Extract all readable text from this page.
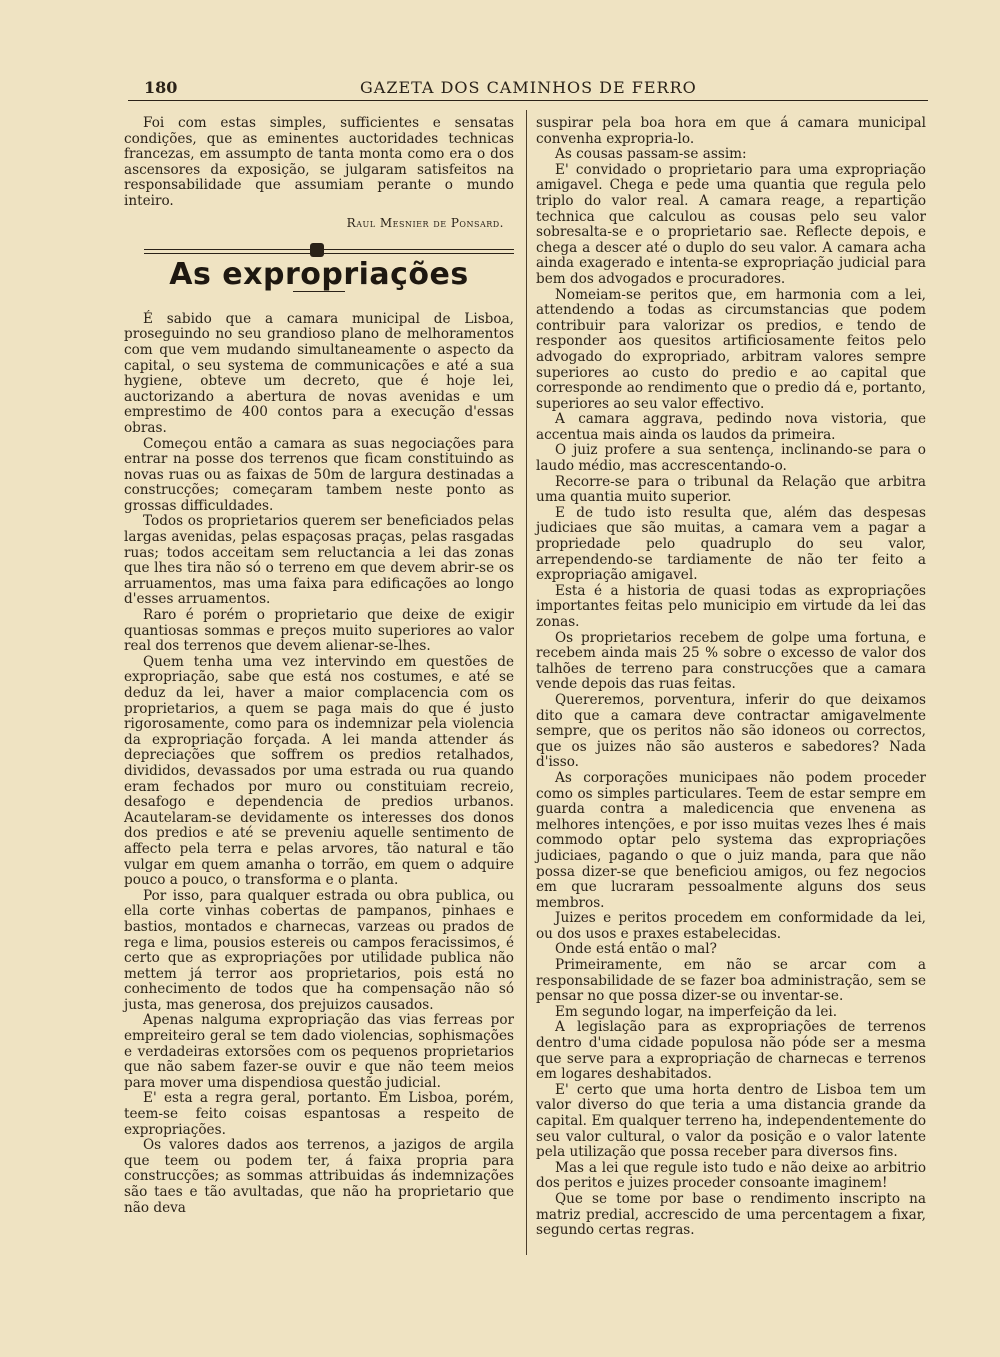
180	GAZETA DOS CAMINHOS DE FERRO

Foi com estas simples, sufficientes e sensatas condições, que as eminentes auctoridades technicas francezas, em assumpto de tanta monta como era o dos ascensores da exposição, se julgaram satisfeitos na responsabilidade que assumiam perante o mundo inteiro.

Raul Mesnier de Ponsard.
As expropriações

É sabido que a camara municipal de Lisboa, proseguindo no seu grandioso plano de melhoramentos com que vem mudando simultaneamente o aspecto da capital, o seu systema de communicações e até a sua hygiene, obteve um decreto, que é hoje lei, auctorizando a abertura de novas avenidas e um emprestimo de 400 contos para a execução d'essas obras.

Começou então a camara as suas negociações para entrar na posse dos terrenos que ficam constituindo as novas ruas ou as faixas de 50m de largura destinadas a construcções; começaram tambem neste ponto as grossas difficuldades.

Todos os proprietarios querem ser beneficiados pelas largas avenidas, pelas espaçosas praças, pelas rasgadas ruas; todos acceitam sem reluctancia a lei das zonas que lhes tira não só o terreno em que devem abrir-se os arruamentos, mas uma faixa para edificações ao longo d'esses arruamentos.

Raro é porém o proprietario que deixe de exigir quantiosas sommas e preços muito superiores ao valor real dos terrenos que devem alienar-se-lhes.

Quem tenha uma vez intervindo em questões de expropriação, sabe que está nos costumes, e até se deduz da lei, haver a maior complacencia com os proprietarios, a quem se paga mais do que é justo rigorosamente, como para os indemnizar pela violencia da expropriação forçada. A lei manda attender ás depreciações que soffrem os predios retalhados, divididos, devassados por uma estrada ou rua quando eram fechados por muro ou constituiam recreio, desafogo e dependencia de predios urbanos. Acautelaram-se devidamente os interesses dos donos dos predios e até se preveniu aquelle sentimento de affecto pela terra e pelas arvores, tão natural e tão vulgar em quem amanha o torrão, em quem o adquire pouco a pouco, o transforma e o planta.

Por isso, para qualquer estrada ou obra publica, ou ella corte vinhas cobertas de pampanos, pinhaes e bastios, montados e charnecas, varzeas ou prados de rega e lima, pousios estereis ou campos feracissimos, é certo que as expropriações por utilidade publica não mettem já terror aos proprietarios, pois está no conhecimento de todos que ha compensação não só justa, mas generosa, dos prejuizos causados.

Apenas nalguma expropriação das vias ferreas por empreiteiro geral se tem dado violencias, sophismações e verdadeiras extorsões com os pequenos proprietarios que não sabem fazer-se ouvir e que não teem meios para mover uma dispendiosa questão judicial.

E' esta a regra geral, portanto. Em Lisboa, porém, teem-se feito coisas espantosas a respeito de expropriações.

Os valores dados aos terrenos, a jazigos de argila que teem ou podem ter, á faixa propria para construcções; as sommas attribuidas ás indemnizações são taes e tão avultadas, que não ha proprietario que não deva

suspirar pela boa hora em que á camara municipal convenha expropria-lo.

As cousas passam-se assim:

E' convidado o proprietario para uma expropriação amigavel. Chega e pede uma quantia que regula pelo triplo do valor real. A camara reage, a repartição technica que calculou as cousas pelo seu valor sobresalta-se e o proprietario sae. Reflecte depois, e chega a descer até o duplo do seu valor. A camara acha ainda exagerado e intenta-se expropriação judicial para bem dos advogados e procuradores.

Nomeiam-se peritos que, em harmonia com a lei, attendendo a todas as circumstancias que podem contribuir para valorizar os predios, e tendo de responder aos quesitos artificiosamente feitos pelo advogado do expropriado, arbitram valores sempre superiores ao custo do predio e ao capital que corresponde ao rendimento que o predio dá e, portanto, superiores ao seu valor effectivo.

A camara aggrava, pedindo nova vistoria, que accentua mais ainda os laudos da primeira.

O juiz profere a sua sentença, inclinando-se para o laudo médio, mas accrescentando-o.

Recorre-se para o tribunal da Relação que arbitra uma quantia muito superior.

E de tudo isto resulta que, além das despesas judiciaes que são muitas, a camara vem a pagar a propriedade pelo quadruplo do seu valor, arrependendo-se tardiamente de não ter feito a expropriação amigavel.

Esta é a historia de quasi todas as expropriações importantes feitas pelo municipio em virtude da lei das zonas.

Os proprietarios recebem de golpe uma fortuna, e recebem ainda mais 25 % sobre o excesso de valor dos talhões de terreno para construcções que a camara vende depois das ruas feitas.

Quereremos, porventura, inferir do que deixamos dito que a camara deve contractar amigavelmente sempre, que os peritos não são idoneos ou correctos, que os juizes não são austeros e sabedores? Nada d'isso.

As corporações municipaes não podem proceder como os simples particulares. Teem de estar sempre em guarda contra a maledicencia que envenena as melhores intenções, e por isso muitas vezes lhes é mais commodo optar pelo systema das expropriações judiciaes, pagando o que o juiz manda, para que não possa dizer-se que beneficiou amigos, ou fez negocios em que lucraram pessoalmente alguns dos seus membros.

Juizes e peritos procedem em conformidade da lei, ou dos usos e praxes estabelecidas.

Onde está então o mal?

Primeiramente, em não se arcar com a responsabilidade de se fazer boa administração, sem se pensar no que possa dizer-se ou inventar-se.

Em segundo logar, na imperfeição da lei.

A legislação para as expropriações de terrenos dentro d'uma cidade populosa não póde ser a mesma que serve para a expropriação de charnecas e terrenos em logares deshabitados.

E' certo que uma horta dentro de Lisboa tem um valor diverso do que teria a uma distancia grande da capital. Em qualquer terreno ha, independentemente do seu valor cultural, o valor da posição e o valor latente pela utilização que possa receber para diversos fins.

Mas a lei que regule isto tudo e não deixe ao arbitrio dos peritos e juizes proceder consoante imaginem!

Que se tome por base o rendimento inscripto na matriz predial, accrescido de uma percentagem a fixar, segundo certas regras.
